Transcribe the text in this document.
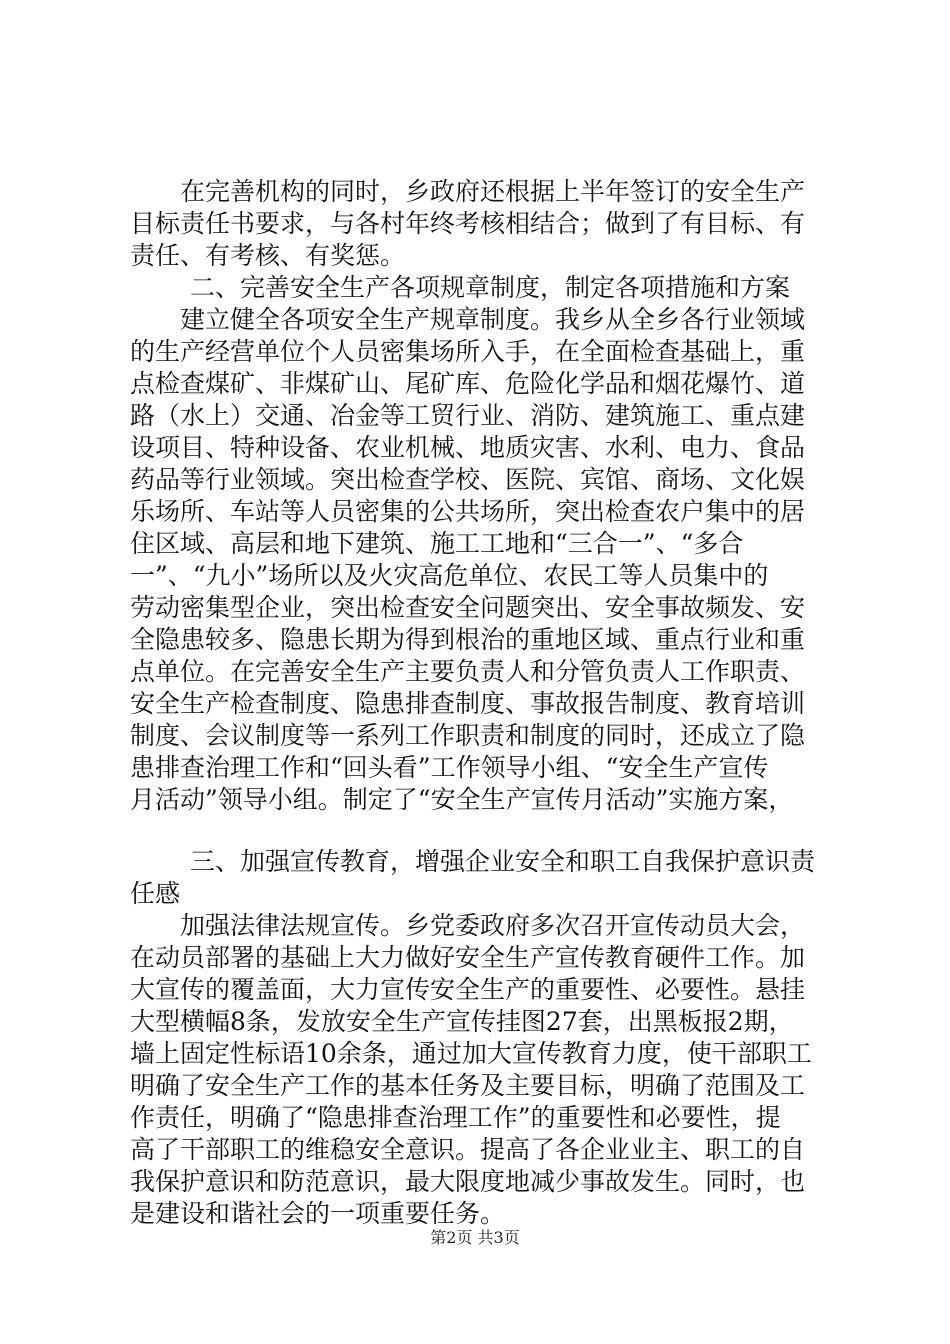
在完善机构的同时，乡政府还根据上半年签订的安全生产
目标责任书要求，与各村年终考核相结合；做到了有目标、有
责任、有考核、有奖惩。
二、完善安全生产各项规章制度，制定各项措施和方案
建立健全各项安全生产规章制度。我乡从全乡各行业领域
的生产经营单位个人员密集场所入手，在全面检查基础上，重
点检查煤矿、非煤矿山、尾矿库、危险化学品和烟花爆竹、道
路（水上）交通、冶金等工贸行业、消防、建筑施工、重点建
设项目、特种设备、农业机械、地质灾害、水利、电力、食品
药品等行业领域。突出检查学校、医院、宾馆、商场、文化娱
乐场所、车站等人员密集的公共场所，突出检查农户集中的居
住区域、高层和地下建筑、施工工地和“三合一”、“多合
一”、“九小”场所以及火灾高危单位、农民工等人员集中的
劳动密集型企业，突出检查安全问题突出、安全事故频发、安
全隐患较多、隐患长期为得到根治的重地区域、重点行业和重
点单位。在完善安全生产主要负责人和分管负责人工作职责、
安全生产检查制度、隐患排查制度、事故报告制度、教育培训
制度、会议制度等一系列工作职责和制度的同时，还成立了隐
患排查治理工作和“回头看”工作领导小组、“安全生产宣传
月活动”领导小组。制定了“安全生产宣传月活动”实施方案，
三、加强宣传教育，增强企业安全和职工自我保护意识责
任感
加强法律法规宣传。乡党委政府多次召开宣传动员大会，
在动员部署的基础上大力做好安全生产宣传教育硬件工作。加
大宣传的覆盖面，大力宣传安全生产的重要性、必要性。悬挂
大型横幅8条，发放安全生产宣传挂图27套，出黑板报2期，
墙上固定性标语10余条，通过加大宣传教育力度，使干部职工
明确了安全生产工作的基本任务及主要目标，明确了范围及工
作责任，明确了“隐患排查治理工作”的重要性和必要性，提
高了干部职工的维稳安全意识。提高了各企业业主、职工的自
我保护意识和防范意识，最大限度地减少事故发生。同时，也
是建设和谐社会的一项重要任务。
第2页 共3页
